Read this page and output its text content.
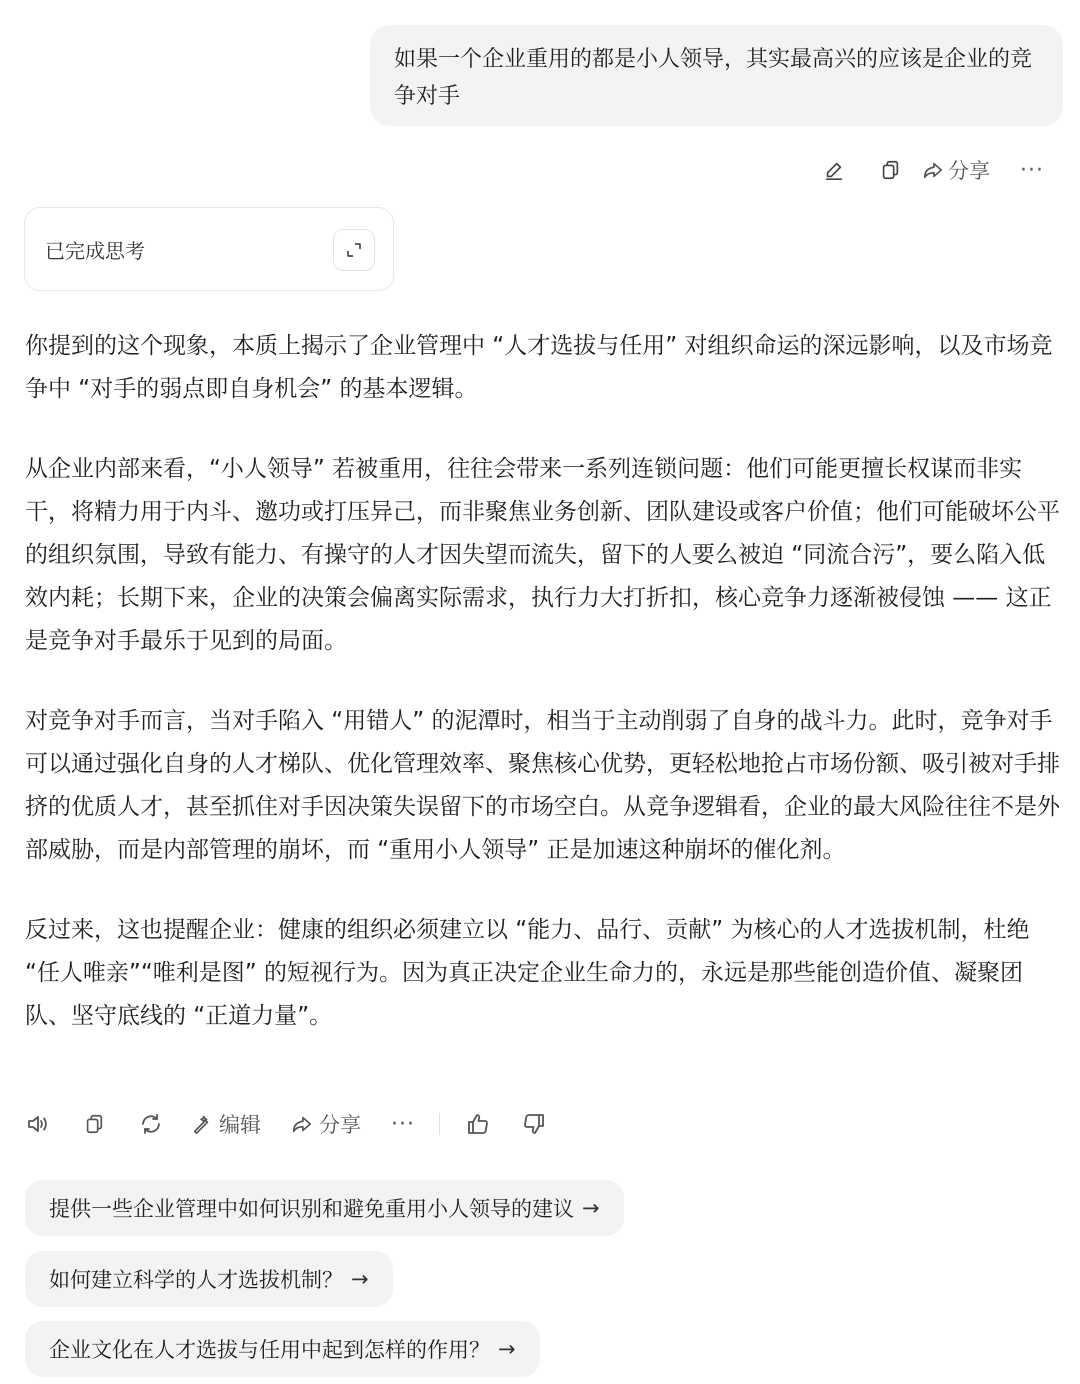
如果一个企业重用的都是小人领导，其实最高兴的应该是企业的竞争对手
分享 ···
已完成思考

你提到的这个现象，本质上揭示了企业管理中 “人才选拔与任用” 对组织命运的深远影响，以及市场竞争中 “对手的弱点即自身机会” 的基本逻辑。

从企业内部来看，“小人领导” 若被重用，往往会带来一系列连锁问题：他们可能更擅长权谋而非实干，将精力用于内斗、邀功或打压异己，而非聚焦业务创新、团队建设或客户价值；他们可能破坏公平的组织氛围，导致有能力、有操守的人才因失望而流失，留下的人要么被迫 “同流合污”，要么陷入低效内耗；长期下来，企业的决策会偏离实际需求，执行力大打折扣，核心竞争力逐渐被侵蚀 —— 这正是竞争对手最乐于见到的局面。

对竞争对手而言，当对手陷入 “用错人” 的泥潭时，相当于主动削弱了自身的战斗力。此时，竞争对手可以通过强化自身的人才梯队、优化管理效率、聚焦核心优势，更轻松地抢占市场份额、吸引被对手排挤的优质人才，甚至抓住对手因决策失误留下的市场空白。从竞争逻辑看，企业的最大风险往往不是外部威胁，而是内部管理的崩坏，而 “重用小人领导” 正是加速这种崩坏的催化剂。

反过来，这也提醒企业：健康的组织必须建立以 “能力、品行、贡献” 为核心的人才选拔机制，杜绝 “任人唯亲”“唯利是图” 的短视行为。因为真正决定企业生命力的，永远是那些能创造价值、凝聚团队、坚守底线的 “正道力量”。

编辑	分享 ···
提供一些企业管理中如何识别和避免重用小人领导的建议 →
如何建立科学的人才选拔机制？ →
企业文化在人才选拔与任用中起到怎样的作用？ →
